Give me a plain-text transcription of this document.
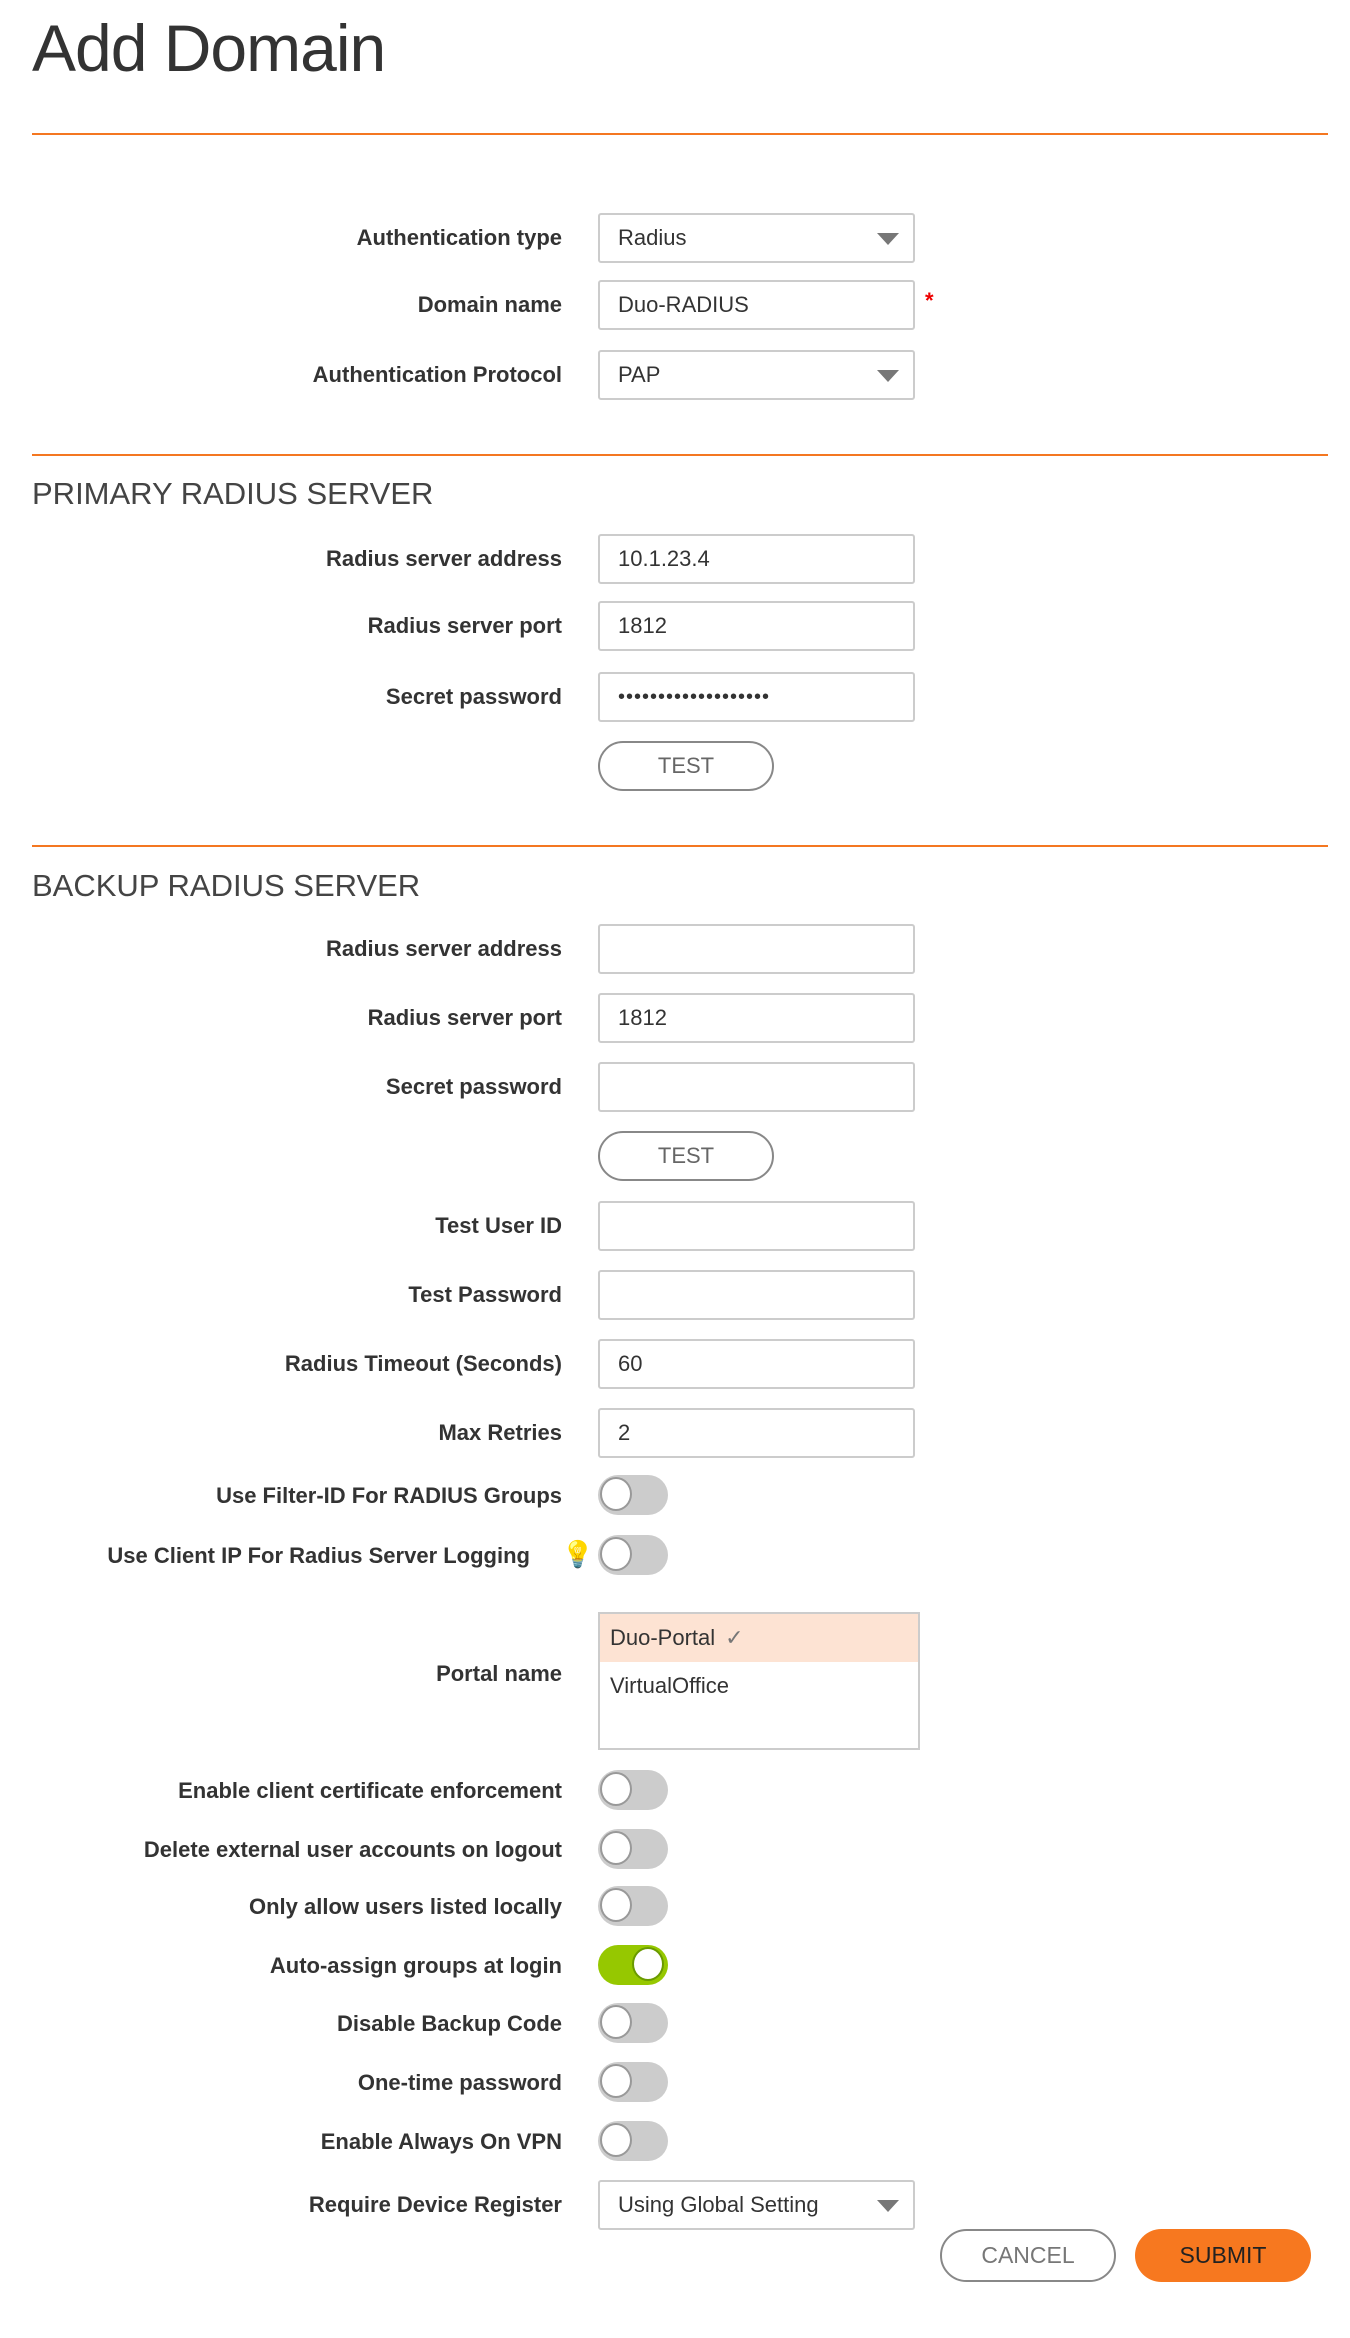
Add Domain
Authentication type	Radius
Domain name	Duo-RADIUS	*
Authentication Protocol	PAP
PRIMARY RADIUS SERVER
Radius server address	10.1.23.4
Radius server port	1812
Secret password	•••••••••••••••••••
TEST
BACKUP RADIUS SERVER
Radius server address
Radius server port	1812
Secret password
TEST
Test User ID
Test Password
Radius Timeout (Seconds)	60
Max Retries	2
Use Filter-ID For RADIUS Groups
Use Client IP For Radius Server Logging 💡
Portal name
Duo-Portal ✓
VirtualOffice
Enable client certificate enforcement
Delete external user accounts on logout
Only allow users listed locally
Auto-assign groups at login
Disable Backup Code
One-time password
Enable Always On VPN
Require Device Register	Using Global Setting
CANCEL	SUBMIT
